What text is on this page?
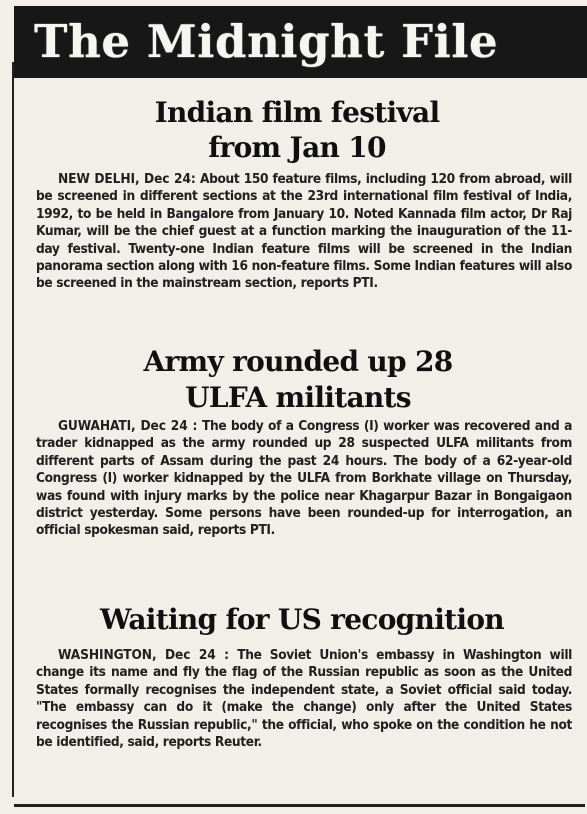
The Midnight File
Indian film festival from Jan 10

NEW DELHI, Dec 24: About 150 feature films, including 120 from abroad, will be screened in different sections at the 23rd international film festival of India, 1992, to be held in Bangalore from January 10. Noted Kannada film actor, Dr Raj Kumar, will be the chief guest at a function marking the inauguration of the 11-day festival. Twenty-one Indian feature films will be screened in the Indian panorama section along with 16 non-feature films. Some Indian features will also be screened in the mainstream section, reports PTI.

Army rounded up 28 ULFA militants

GUWAHATI, Dec 24 : The body of a Congress (I) worker was recovered and a trader kidnapped as the army rounded up 28 suspected ULFA militants from different parts of Assam during the past 24 hours. The body of a 62-year-old Congress (I) worker kidnapped by the ULFA from Borkhate village on Thursday, was found with injury marks by the police near Khagarpur Bazar in Bongaigaon district yesterday. Some persons have been rounded-up for interrogation, an official spokesman said, reports PTI.

Waiting for US recognition

WASHINGTON, Dec 24 : The Soviet Union's embassy in Washington will change its name and fly the flag of the Russian republic as soon as the United States formally recognises the independent state, a Soviet official said today. "The embassy can do it (make the change) only after the United States recognises the Russian republic," the official, who spoke on the condition he not be identified, said, reports Reuter.
